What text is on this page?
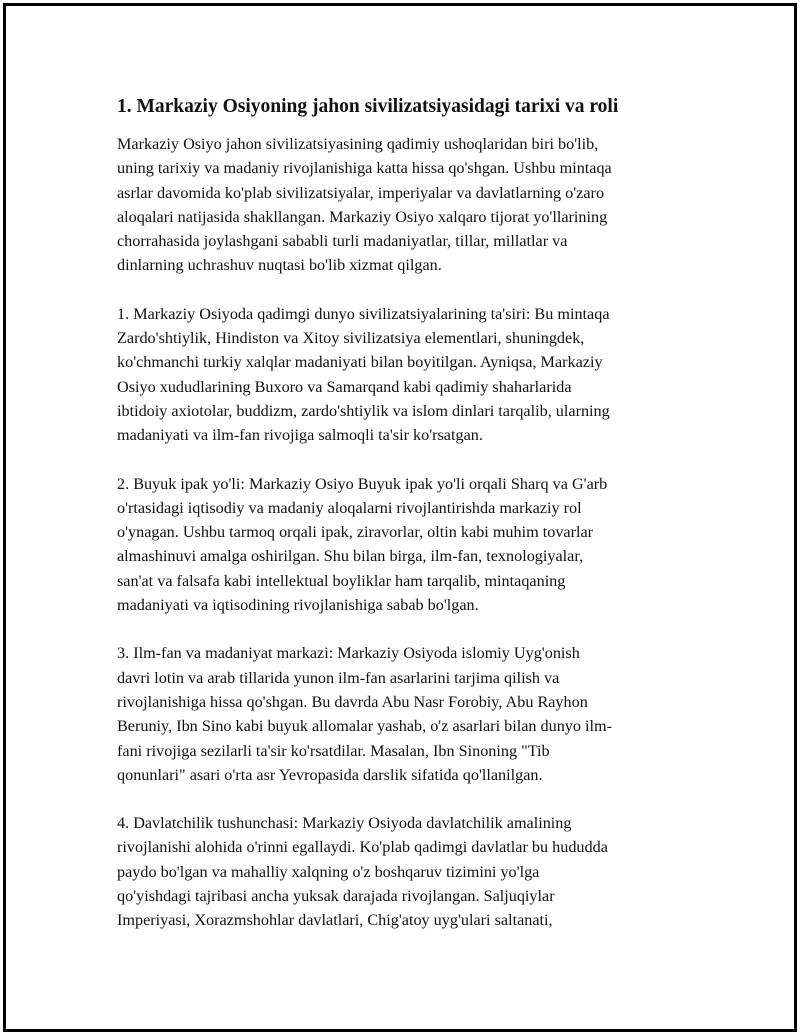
1. Markaziy Osiyoning jahon sivilizatsiyasidagi tarixi va roli

Markaziy Osiyo jahon sivilizatsiyasining qadimiy ushoqlaridan biri bo'lib,
uning tarixiy va madaniy rivojlanishiga katta hissa qo'shgan. Ushbu mintaqa
asrlar davomida ko'plab sivilizatsiyalar, imperiyalar va davlatlarning o'zaro
aloqalari natijasida shakllangan. Markaziy Osiyo xalqaro tijorat yo'llarining
chorrahasida joylashgani sababli turli madaniyatlar, tillar, millatlar va
dinlarning uchrashuv nuqtasi bo'lib xizmat qilgan.

1. Markaziy Osiyoda qadimgi dunyo sivilizatsiyalarining ta'siri: Bu mintaqa
Zardo'shtiylik, Hindiston va Xitoy sivilizatsiya elementlari, shuningdek,
ko'chmanchi turkiy xalqlar madaniyati bilan boyitilgan. Ayniqsa, Markaziy
Osiyo xududlarining Buxoro va Samarqand kabi qadimiy shaharlarida
ibtidoiy axiotolar, buddizm, zardo'shtiylik va islom dinlari tarqalib, ularning
madaniyati va ilm-fan rivojiga salmoqli ta'sir ko'rsatgan.

2. Buyuk ipak yo'li: Markaziy Osiyo Buyuk ipak yo'li orqali Sharq va G'arb
o'rtasidagi iqtisodiy va madaniy aloqalarni rivojlantirishda markaziy rol
o'ynagan. Ushbu tarmoq orqali ipak, ziravorlar, oltin kabi muhim tovarlar
almashinuvi amalga oshirilgan. Shu bilan birga, ilm-fan, texnologiyalar,
san'at va falsafa kabi intellektual boyliklar ham tarqalib, mintaqaning
madaniyati va iqtisodining rivojlanishiga sabab bo'lgan.

3. Ilm-fan va madaniyat markazi: Markaziy Osiyoda islomiy Uyg'onish
davri lotin va arab tillarida yunon ilm-fan asarlarini tarjima qilish va
rivojlanishiga hissa qo'shgan. Bu davrda Abu Nasr Forobiy, Abu Rayhon
Beruniy, Ibn Sino kabi buyuk allomalar yashab, o'z asarlari bilan dunyo ilm-
fani rivojiga sezilarli ta'sir ko'rsatdilar. Masalan, Ibn Sinoning "Tib
qonunlari" asari o'rta asr Yevropasida darslik sifatida qo'llanilgan.

4. Davlatchilik tushunchasi: Markaziy Osiyoda davlatchilik amalining
rivojlanishi alohida o'rinni egallaydi. Ko'plab qadimgi davlatlar bu hududda
paydo bo'lgan va mahalliy xalqning o'z boshqaruv tizimini yo'lga
qo'yishdagi tajribasi ancha yuksak darajada rivojlangan. Saljuqiylar
Imperiyasi, Xorazmshohlar davlatlari, Chig'atoy uyg'ulari saltanati,
